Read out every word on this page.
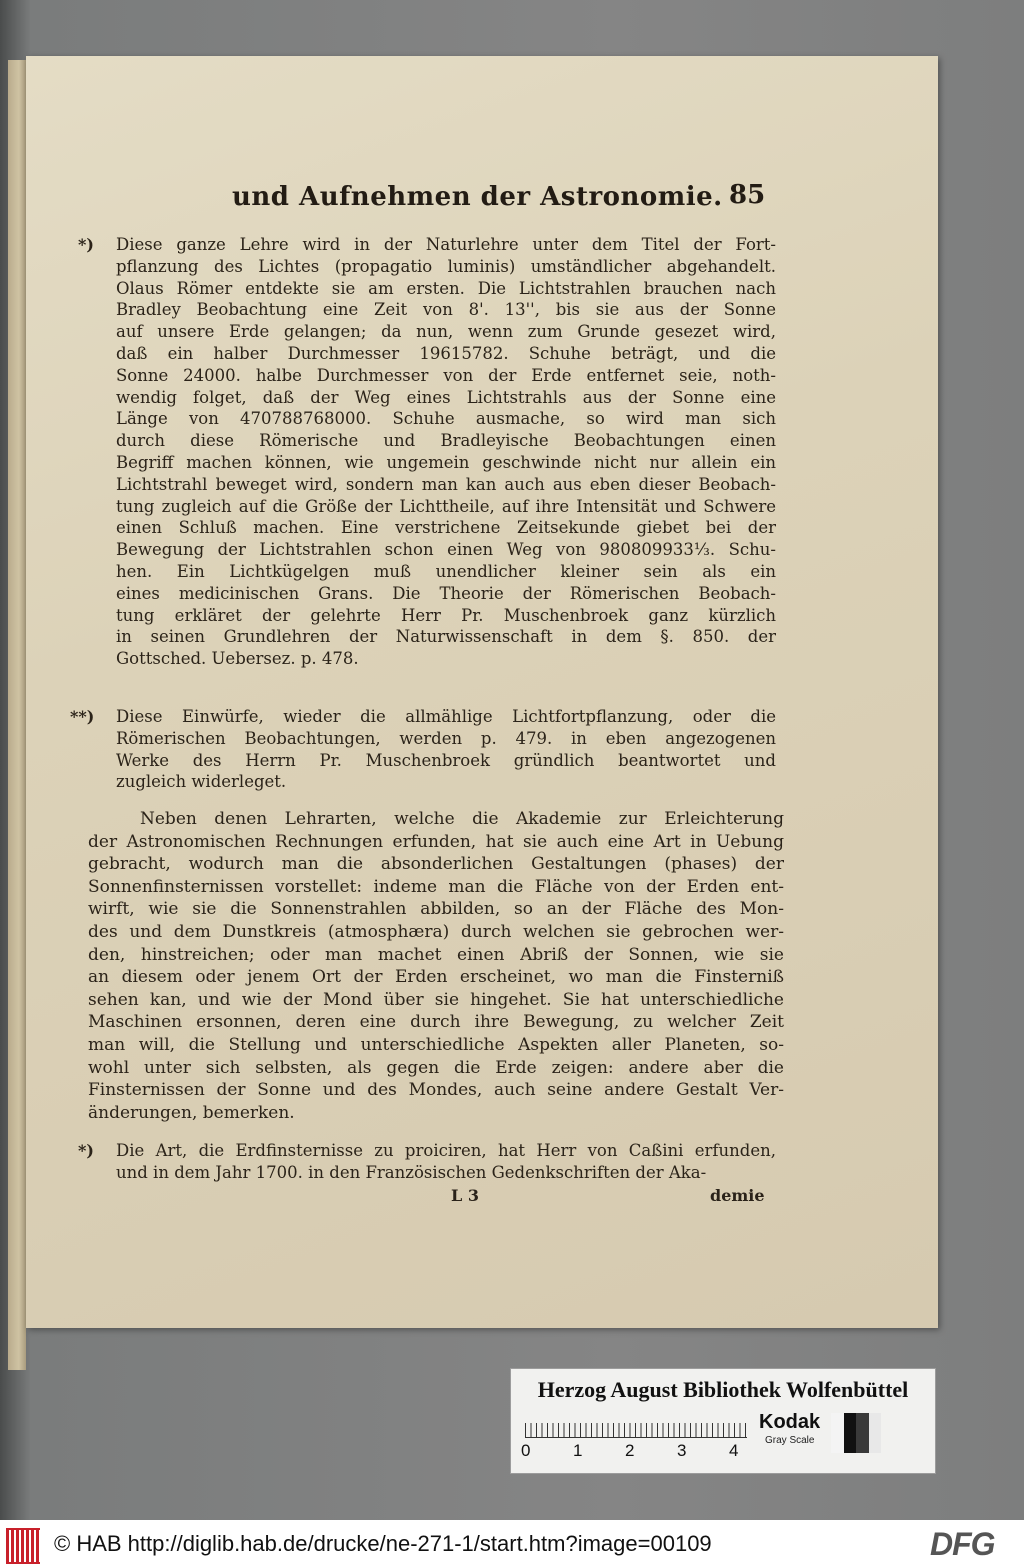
und Aufnehmen der Astronomie. 85
*) Diese ganze Lehre wird in der Naturlehre unter dem Titel der Fort-
pflanzung des Lichtes (propagatio luminis) umständlicher abgehandelt.
Olaus Römer entdekte sie am ersten. Die Lichtstrahlen brauchen nach
Bradley Beobachtung eine Zeit von 8'. 13'', bis sie aus der Sonne
auf unsere Erde gelangen; da nun, wenn zum Grunde gesezet wird,
daß ein halber Durchmesser 19615782. Schuhe beträgt, und die
Sonne 24000. halbe Durchmesser von der Erde entfernet seie, noth-
wendig folget, daß der Weg eines Lichtstrahls aus der Sonne eine
Länge von 470788768000. Schuhe ausmache, so wird man sich
durch diese Römerische und Bradleyische Beobachtungen einen
Begriff machen können, wie ungemein geschwinde nicht nur allein ein
Lichtstrahl beweget wird, sondern man kan auch aus eben dieser Beobach-
tung zugleich auf die Größe der Lichttheile, auf ihre Intensität und Schwere
einen Schluß machen. Eine verstrichene Zeitsekunde giebet bei der
Bewegung der Lichtstrahlen schon einen Weg von 980809933⅓. Schu-
hen. Ein Lichtkügelgen muß unendlicher kleiner sein als ein
eines medicinischen Grans. Die Theorie der Römerischen Beobach-
tung erkläret der gelehrte Herr Pr. Muschenbroek ganz kürzlich
in seinen Grundlehren der Naturwissenschaft in dem §. 850. der
Gottsched. Uebersez. p. 478.
**) Diese Einwürfe, wieder die allmählige Lichtfortpflanzung, oder die
Römerischen Beobachtungen, werden p. 479. in eben angezogenen
Werke des Herrn Pr. Muschenbroek gründlich beantwortet und
zugleich widerleget.
Neben denen Lehrarten, welche die Akademie zur Erleichterung
der Astronomischen Rechnungen erfunden, hat sie auch eine Art in Uebung
gebracht, wodurch man die absonderlichen Gestaltungen (phases) der
Sonnenfinsternissen vorstellet: indeme man die Fläche von der Erden ent-
wirft, wie sie die Sonnenstrahlen abbilden, so an der Fläche des Mon-
des und dem Dunstkreis (atmosphæra) durch welchen sie gebrochen wer-
den, hinstreichen; oder man machet einen Abriß der Sonnen, wie sie
an diesem oder jenem Ort der Erden erscheinet, wo man die Finsterniß
sehen kan, und wie der Mond über sie hingehet. Sie hat unterschiedliche
Maschinen ersonnen, deren eine durch ihre Bewegung, zu welcher Zeit
man will, die Stellung und unterschiedliche Aspekten aller Planeten, so-
wohl unter sich selbsten, als gegen die Erde zeigen: andere aber die
Finsternissen der Sonne und des Mondes, auch seine andere Gestalt Ver-
änderungen, bemerken.
*) Die Art, die Erdfinsternisse zu proiciren, hat Herr von Caßini erfunden,
und in dem Jahr 1700. in den Französischen Gedenkschriften der Aka-
L 3	demie
Herzog August Bibliothek Wolfenbüttel
0	1	2	3	4
Kodak
Gray Scale
© HAB http://diglib.hab.de/drucke/ne-271-1/start.htm?image=00109	DFG
